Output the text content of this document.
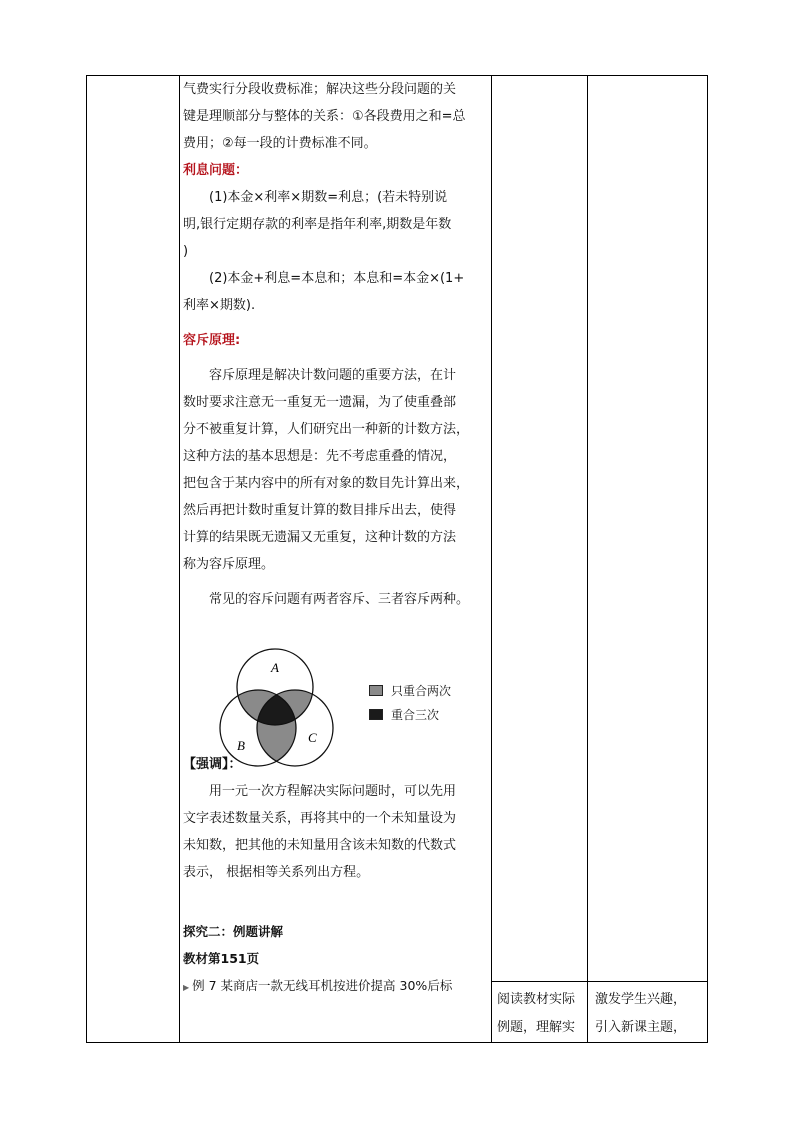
气费实行分段收费标准；解决这些分段问题的关
键是理顺部分与整体的关系：①各段费用之和=总
费用；②每一段的计费标准不同。
利息问题：
(1)本金×利率×期数=利息；(若未特别说
明,银行定期存款的利率是指年利率,期数是年数
)
(2)本金+利息=本息和；本息和=本金×(1+
利率×期数).
容斥原理:
容斥原理是解决计数问题的重要方法，在计
数时要求注意无一重复无一遗漏，为了使重叠部
分不被重复计算，人们研究出一种新的计数方法，
这种方法的基本思想是：先不考虑重叠的情况，
把包含于某内容中的所有对象的数目先计算出来，
然后再把计数时重复计算的数目排斥出去，使得
计算的结果既无遗漏又无重复，这种计数的方法
称为容斥原理。
常见的容斥问题有两者容斥、三者容斥两种。
【强调】：
用一元一次方程解决实际问题时，可以先用
文字表述数量关系，再将其中的一个未知量设为
未知数，把其他的未知量用含该未知数的代数式
表示， 根据相等关系列出方程。
探究二：例题讲解
教材第151页
▶ 例 7 某商店一款无线耳机按进价提高 30%后标
A
B
C
只重合两次
重合三次
阅读教材实际
例题，理解实
激发学生兴趣，
引入新课主题，
